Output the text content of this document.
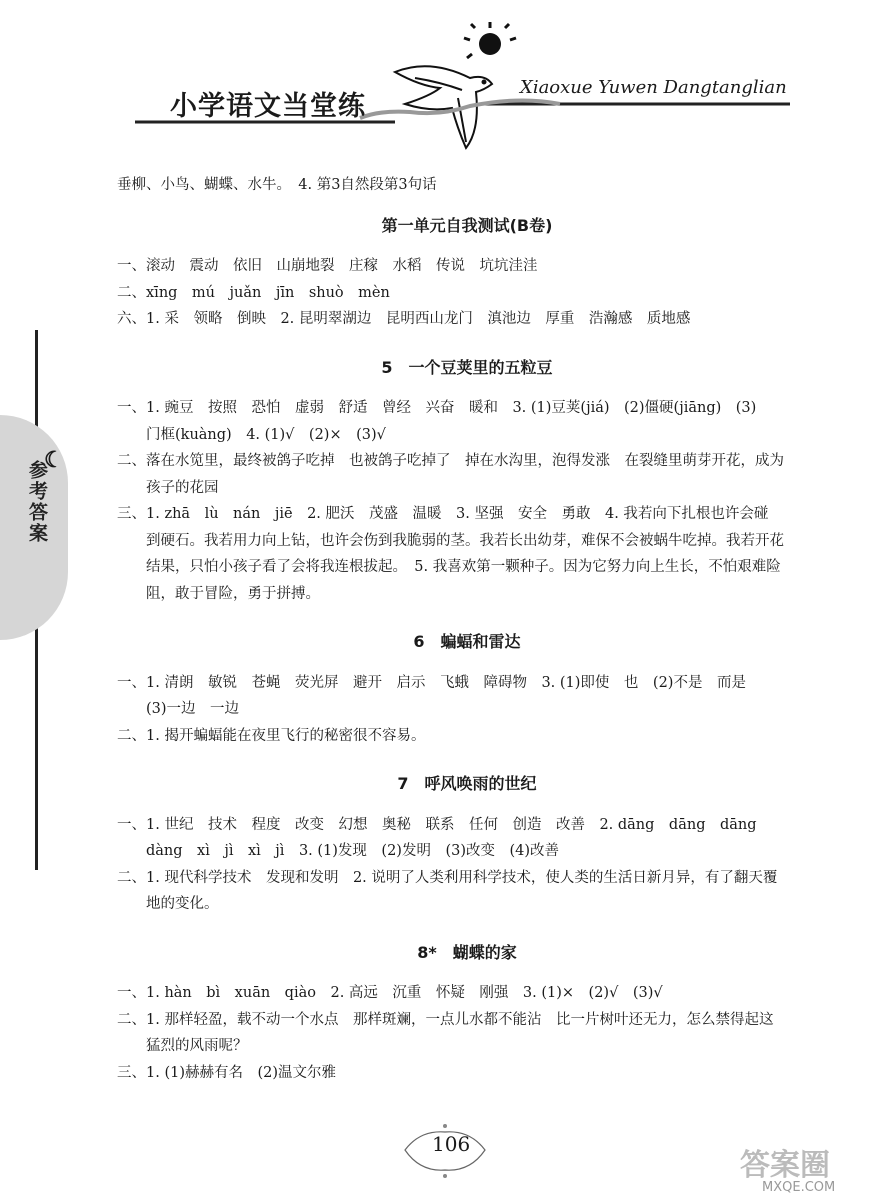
小学语文当堂练
Xiaoxue Yuwen Dangtanglian
☾
参考答案
垂柳、小鸟、蝴蝶、水牛。　4. 第3自然段第3句话
第一单元自我测试(B卷)
一、滚动　震动　依旧　山崩地裂　庄稼　水稻　传说　坑坑洼洼
二、xīng　mú　juǎn　jīn　shuò　mèn
六、1. 采　领略　倒映　2. 昆明翠湖边　昆明西山龙门　滇池边　厚重　浩瀚感　质地感
5　一个豆荚里的五粒豆
一、1. 豌豆　按照　恐怕　虚弱　舒适　曾经　兴奋　暖和　3. (1)豆荚(jiá)　(2)僵硬(jiāng)　(3)
门框(kuàng)　4. (1)√　(2)×　(3)√
二、落在水笕里，最终被鸽子吃掉　也被鸽子吃掉了　掉在水沟里，泡得发涨　在裂缝里萌芽开花，成为
孩子的花园
三、1. zhā　lù　nán　jiē　2. 肥沃　茂盛　温暖　3. 坚强　安全　勇敢　4. 我若向下扎根也许会碰
到硬石。我若用力向上钻，也许会伤到我脆弱的茎。我若长出幼芽，难保不会被蜗牛吃掉。我若开花
结果，只怕小孩子看了会将我连根拔起。　5. 我喜欢第一颗种子。因为它努力向上生长，不怕艰难险
阻，敢于冒险，勇于拼搏。
6　蝙蝠和雷达
一、1. 清朗　敏锐　苍蝇　荧光屏　避开　启示　飞蛾　障碍物　3. (1)即使　也　(2)不是　而是
(3)一边　一边
二、1. 揭开蝙蝠能在夜里飞行的秘密很不容易。
7　呼风唤雨的世纪
一、1. 世纪　技术　程度　改变　幻想　奥秘　联系　任何　创造　改善　2. dāng　dāng　dāng
dàng　xì　jì　xì　jì　3. (1)发现　(2)发明　(3)改变　(4)改善
二、1. 现代科学技术　发现和发明　2. 说明了人类利用科学技术，使人类的生活日新月异，有了翻天覆
地的变化。
8*　蝴蝶的家
一、1. hàn　bì　xuān　qiào　2. 高远　沉重　怀疑　刚强　3. (1)×　(2)√　(3)√
二、1. 那样轻盈，载不动一个水点　那样斑斓，一点儿水都不能沾　比一片树叶还无力，怎么禁得起这
猛烈的风雨呢？
三、1. (1)赫赫有名　(2)温文尔雅
106
答案圈
MXQE.COM
